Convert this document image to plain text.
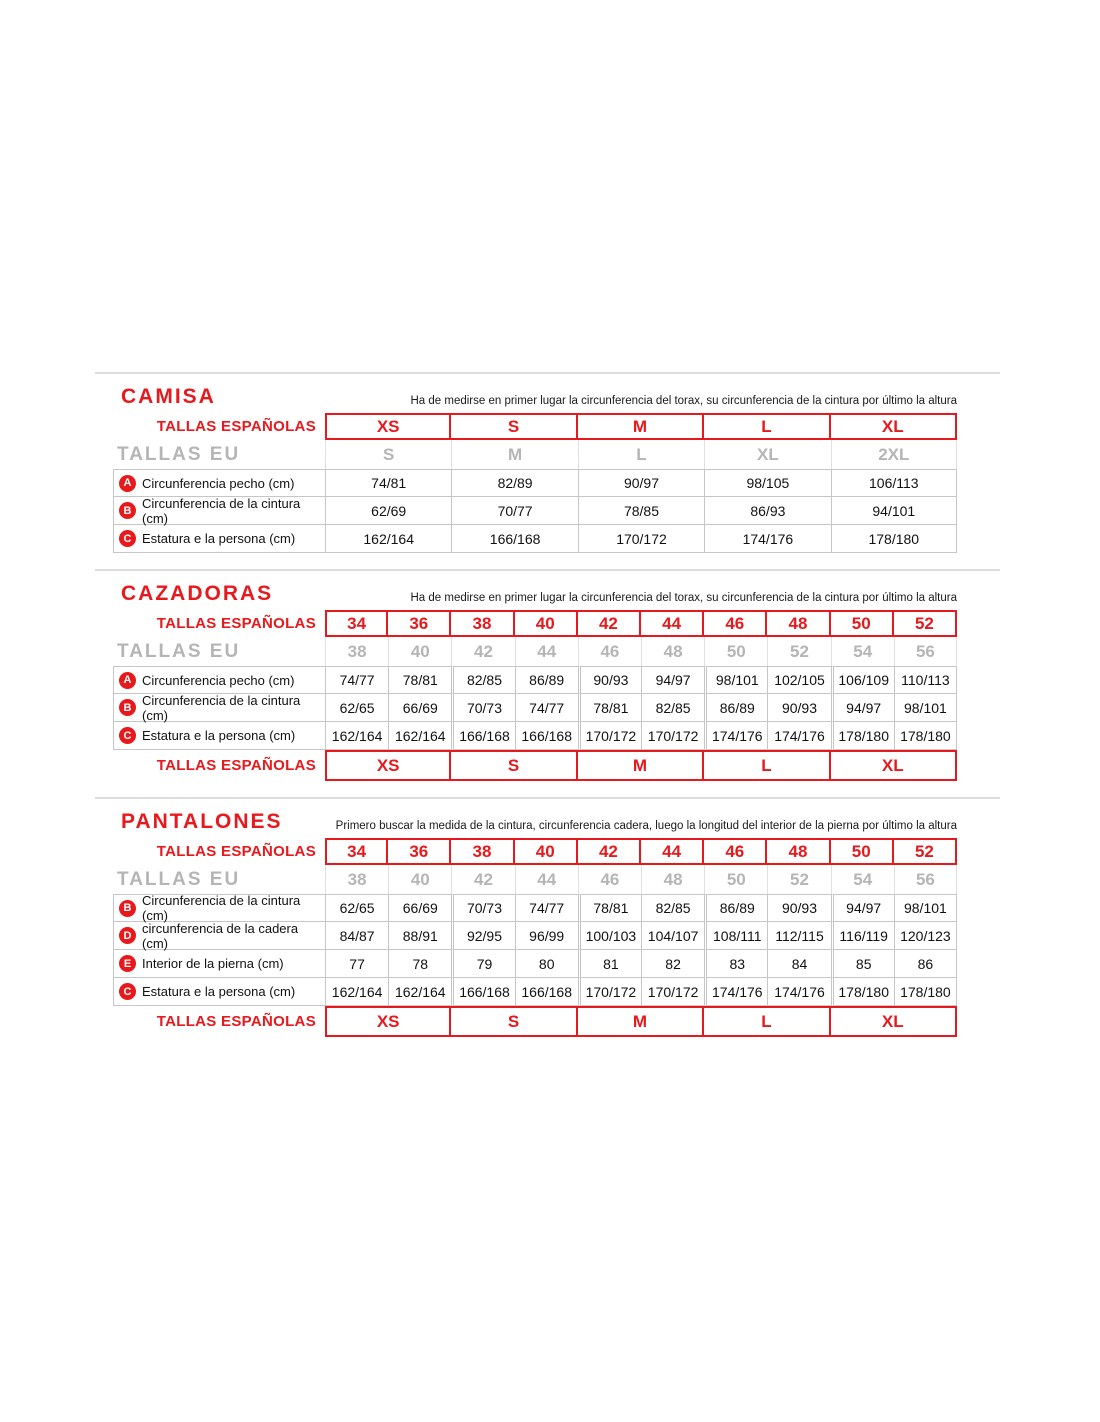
CAMISA	Ha de medirse en primer lugar la circunferencia del torax, su circunferencia de la cintura por último la altura
TALLAS ESPAÑOLAS	XS	S	M	L	XL
TALLAS EU	S	M	L	XL	2XL
A Circunferencia pecho (cm)	74/81	82/89	90/97	98/105	106/113
B Circunferencia de la cintura (cm)	62/69	70/77	78/85	86/93	94/101
C Estatura e la persona (cm)	162/164	166/168	170/172	174/176	178/180
CAZADORAS	Ha de medirse en primer lugar la circunferencia del torax, su circunferencia de la cintura por último la altura
TALLAS ESPAÑOLAS	34	36	38	40	42	44	46	48	50	52
TALLAS EU	38	40	42	44	46	48	50	52	54	56
A Circunferencia pecho (cm)	74/77	78/81	82/85	86/89	90/93	94/97	98/101	102/105 106/109 110/113
B Circunferencia de la cintura (cm)	62/65	66/69	70/73	74/77	78/81	82/85	86/89	90/93	94/97	98/101
C Estatura e la persona (cm)	162/164 162/164 166/168 166/168 170/172 170/172 174/176 174/176 178/180 178/180
TALLAS ESPAÑOLAS	XS	S	M	L	XL
PANTALONES	Primero buscar la medida de la cintura, circunferencia cadera, luego la longitud del interior de la pierna por último la altura
TALLAS ESPAÑOLAS	34	36	38	40	42	44	46	48	50	52
TALLAS EU	38	40	42	44	46	48	50	52	54	56
B Circunferencia de la cintura (cm)	62/65	66/69	70/73	74/77	78/81	82/85	86/89	90/93	94/97	98/101
D circunferencia de la cadera (cm)	84/87	88/91	92/95	96/99	100/103 104/107	108/111 112/115	116/119 120/123
E Interior de la pierna (cm)	77	78	79	80	81	82	83	84	85	86
C Estatura e la persona (cm)	162/164 162/164 166/168 166/168 170/172 170/172 174/176 174/176 178/180 178/180
TALLAS ESPAÑOLAS	XS	S	M	L	XL
